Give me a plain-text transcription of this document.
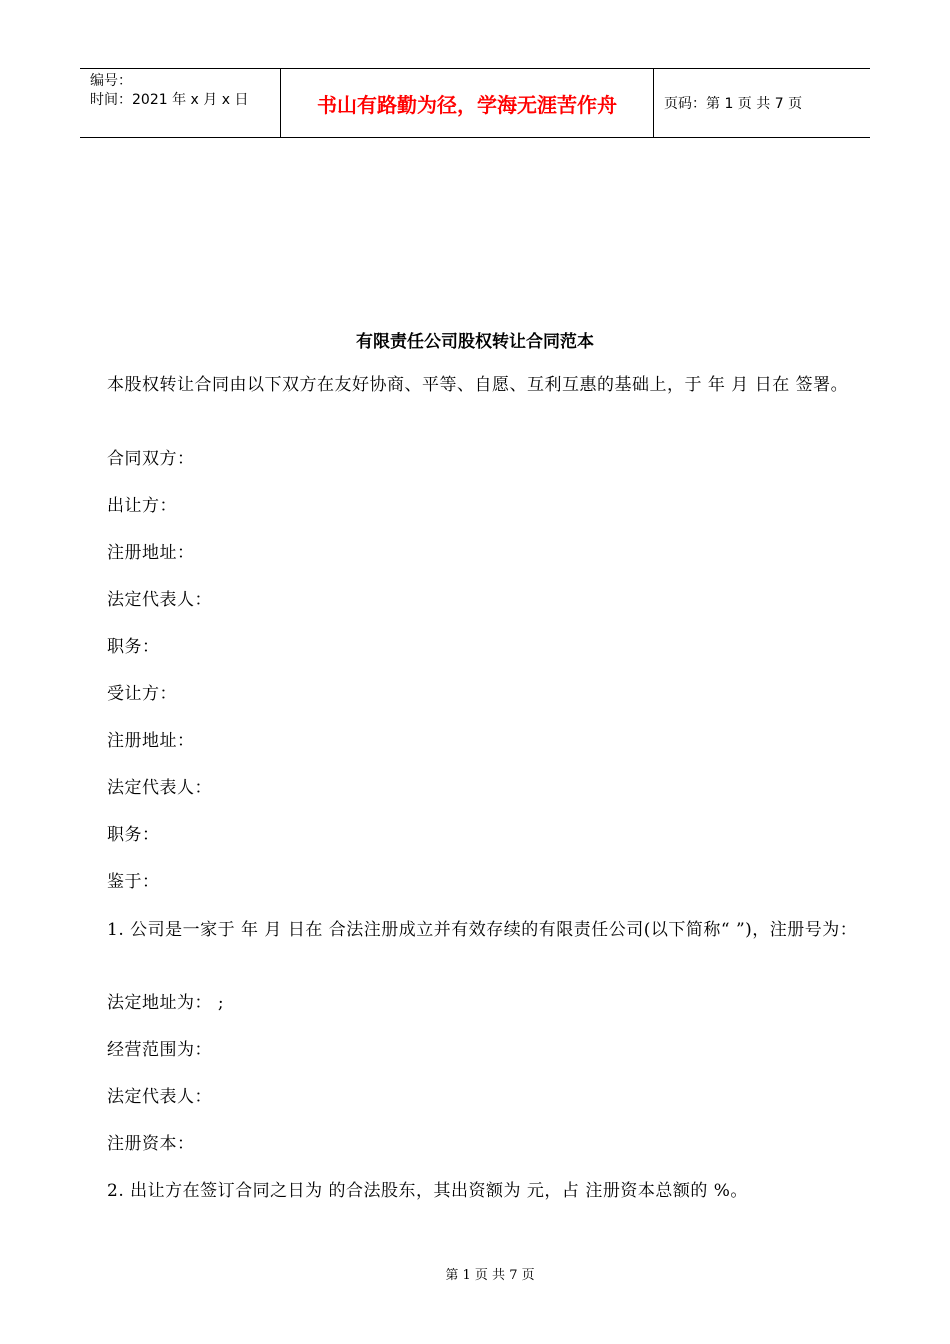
编号：
时间：2021 年 x 月 x 日	书山有路勤为径，学海无涯苦作舟	页码：第 1 页 共 7 页
有限责任公司股权转让合同范本
本股权转让合同由以下双方在友好协商、平等、自愿、互利互惠的基础上，于 年 月 日在 签署。
合同双方：
出让方：
注册地址：
法定代表人：
职务：
受让方：
注册地址：
法定代表人：
职务：
鉴于：
1. 公司是一家于 年 月 日在 合法注册成立并有效存续的有限责任公司(以下简称“ ”)，注册号为：
法定地址为： ;
经营范围为：
法定代表人：
注册资本：
2. 出让方在签订合同之日为 的合法股东，其出资额为 元，占 注册资本总额的 %。
第 1 页 共 7 页
